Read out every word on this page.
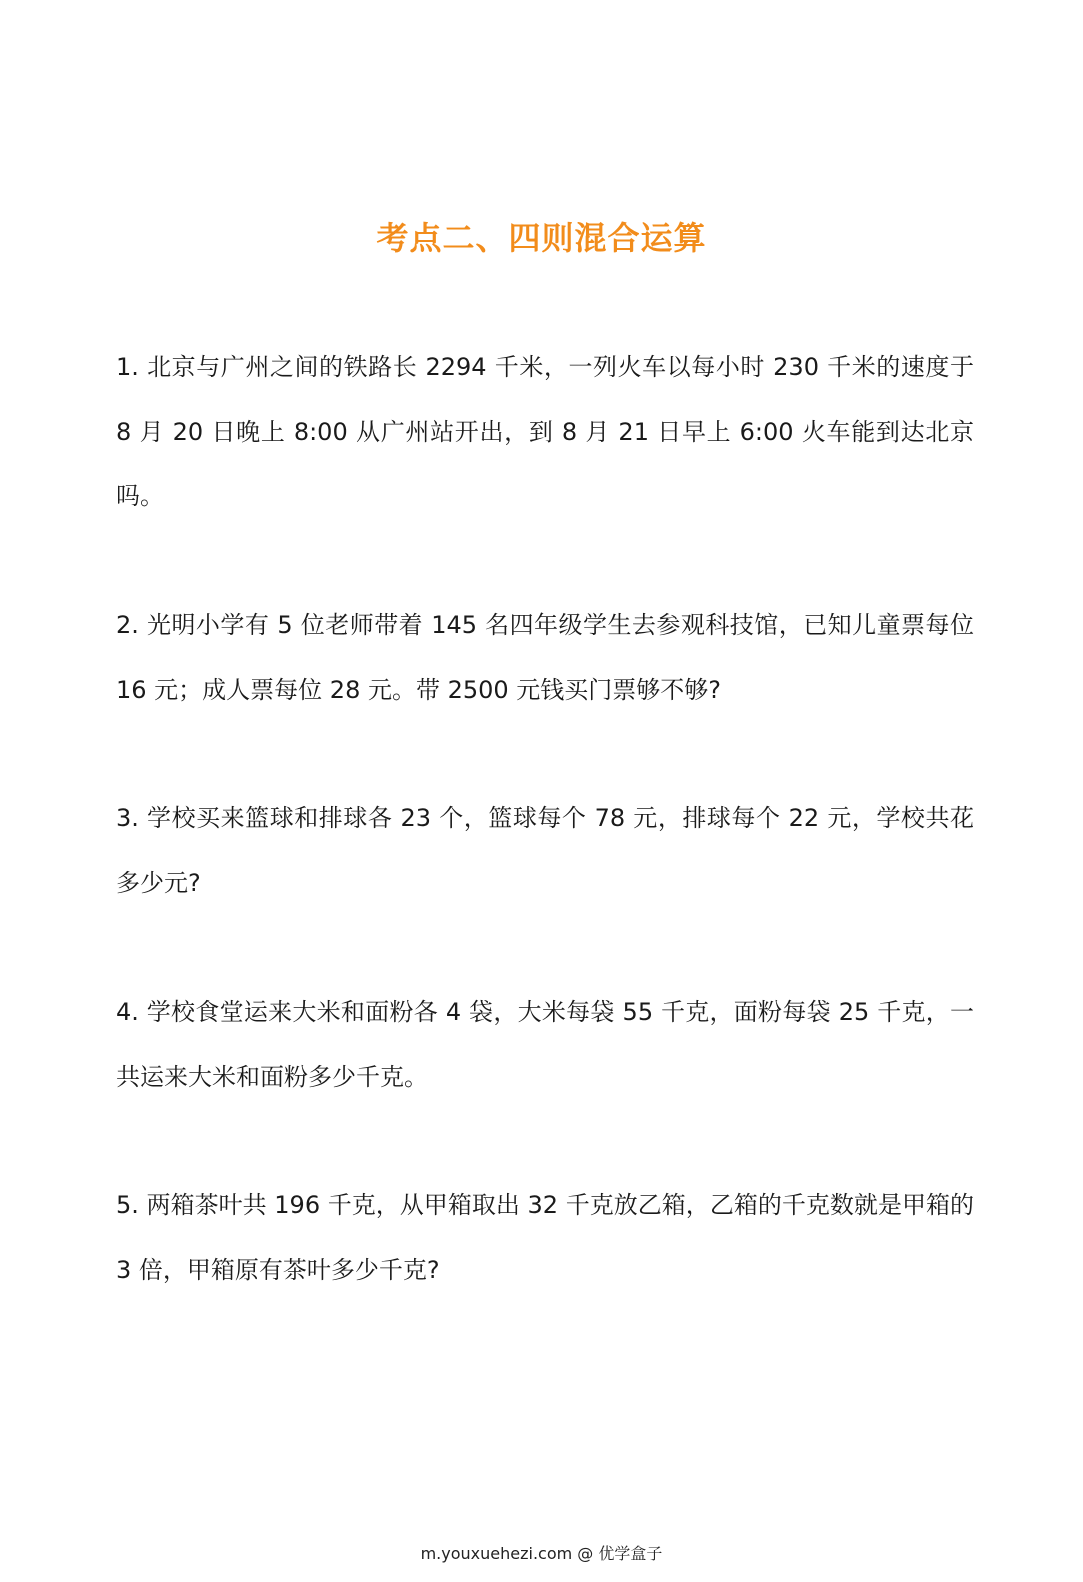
考点二、四则混合运算

1. 北京与广州之间的铁路长 2294 千米，一列火车以每小时 230 千米的速度于 8 月 20 日晚上 8:00 从广州站开出，到 8 月 21 日早上 6:00 火车能到达北京吗。

2. 光明小学有 5 位老师带着 145 名四年级学生去参观科技馆，已知儿童票每位 16 元；成人票每位 28 元。带 2500 元钱买门票够不够?

3. 学校买来篮球和排球各 23 个，篮球每个 78 元，排球每个 22 元，学校共花多少元?

4. 学校食堂运来大米和面粉各 4 袋，大米每袋 55 千克，面粉每袋 25 千克，一共运来大米和面粉多少千克。

5. 两箱茶叶共 196 千克，从甲箱取出 32 千克放乙箱，乙箱的千克数就是甲箱的 3 倍，甲箱原有茶叶多少千克?

m.youxuehezi.com @ 优学盒子
